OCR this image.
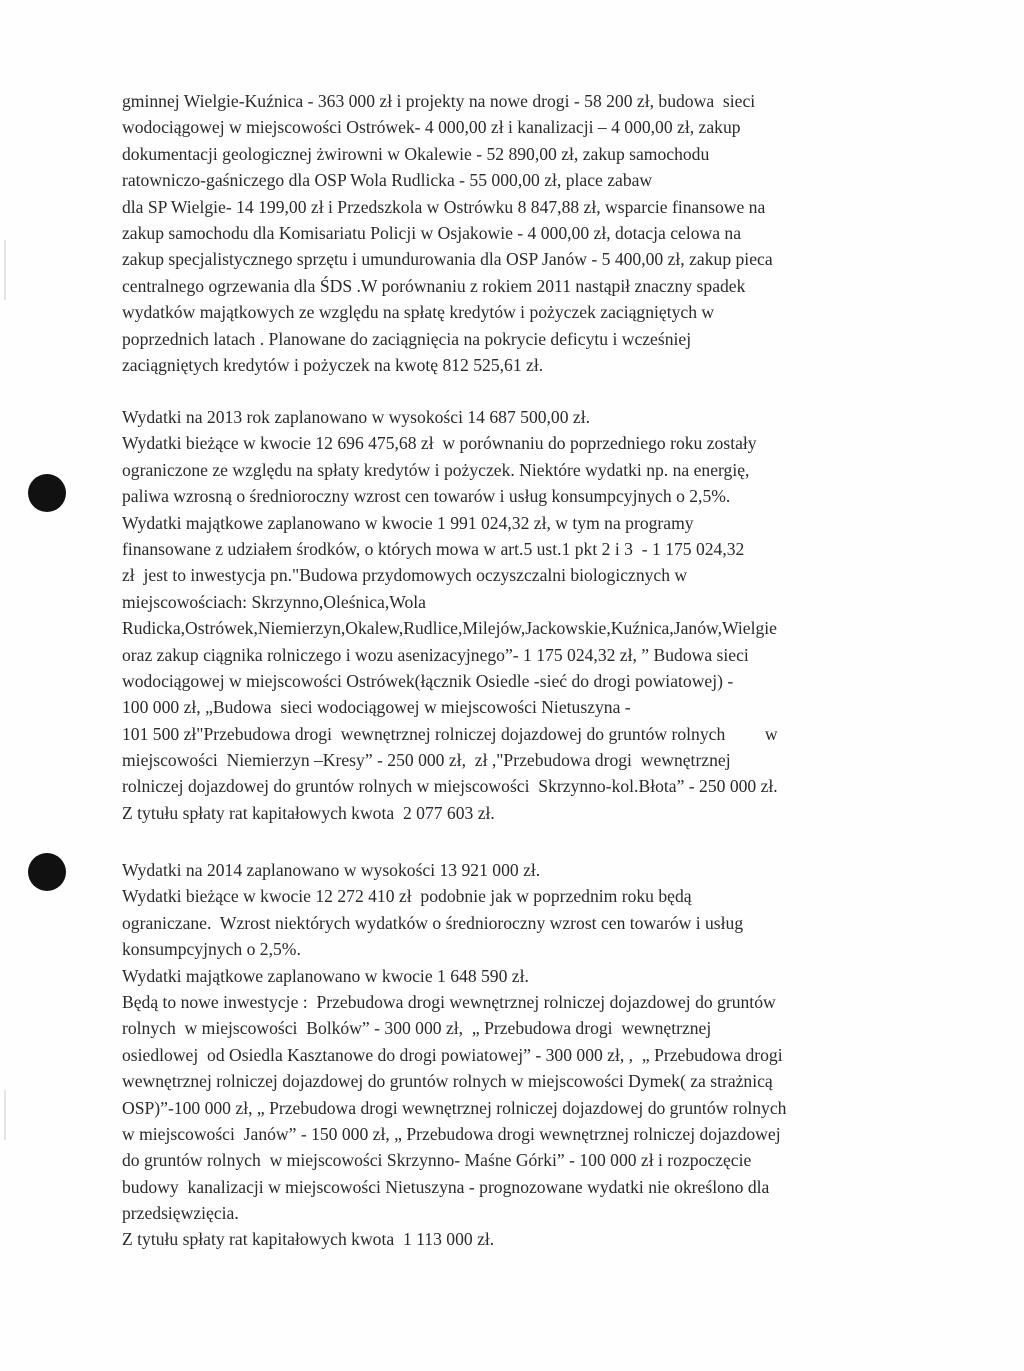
gminnej Wielgie-Kuźnica - 363 000 zł i projekty na nowe drogi - 58 200 zł, budowa  sieci
wodociągowej w miejscowości Ostrówek- 4 000,00 zł i kanalizacji – 4 000,00 zł, zakup
dokumentacji geologicznej żwirowni w Okalewie - 52 890,00 zł, zakup samochodu
ratowniczo-gaśniczego dla OSP Wola Rudlicka - 55 000,00 zł, place zabaw
dla SP Wielgie- 14 199,00 zł i Przedszkola w Ostrówku 8 847,88 zł, wsparcie finansowe na
zakup samochodu dla Komisariatu Policji w Osjakowie - 4 000,00 zł, dotacja celowa na
zakup specjalistycznego sprzętu i umundurowania dla OSP Janów - 5 400,00 zł, zakup pieca
centralnego ogrzewania dla ŚDS .W porównaniu z rokiem 2011 nastąpił znaczny spadek
wydatków majątkowych ze względu na spłatę kredytów i pożyczek zaciągniętych w
poprzednich latach . Planowane do zaciągnięcia na pokrycie deficytu i wcześniej
zaciągniętych kredytów i pożyczek na kwotę 812 525,61 zł.
Wydatki na 2013 rok zaplanowano w wysokości 14 687 500,00 zł.
Wydatki bieżące w kwocie 12 696 475,68 zł  w porównaniu do poprzedniego roku zostały
ograniczone ze względu na spłaty kredytów i pożyczek. Niektóre wydatki np. na energię,
paliwa wzrosną o średnioroczny wzrost cen towarów i usług konsumpcyjnych o 2,5%.
Wydatki majątkowe zaplanowano w kwocie 1 991 024,32 zł, w tym na programy
finansowane z udziałem środków, o których mowa w art.5 ust.1 pkt 2 i 3  - 1 175 024,32
zł  jest to inwestycja pn."Budowa przydomowych oczyszczalni biologicznych w
miejscowościach: Skrzynno,Oleśnica,Wola
Rudicka,Ostrówek,Niemierzyn,Okalew,Rudlice,Milejów,Jackowskie,Kuźnica,Janów,Wielgie
oraz zakup ciągnika rolniczego i wozu asenizacyjnego”- 1 175 024,32 zł, ” Budowa sieci
wodociągowej w miejscowości Ostrówek(łącznik Osiedle -sieć do drogi powiatowej) -
100 000 zł, „Budowa  sieci wodociągowej w miejscowości Nietuszyna -
101 500 zł"Przebudowa drogi  wewnętrznej rolniczej dojazdowej do gruntów rolnych         w
miejscowości  Niemierzyn –Kresy” - 250 000 zł,  zł ,"Przebudowa drogi  wewnętrznej
rolniczej dojazdowej do gruntów rolnych w miejscowości  Skrzynno-kol.Błota” - 250 000 zł.
Z tytułu spłaty rat kapitałowych kwota  2 077 603 zł.
Wydatki na 2014 zaplanowano w wysokości 13 921 000 zł.
Wydatki bieżące w kwocie 12 272 410 zł  podobnie jak w poprzednim roku będą
ograniczane.  Wzrost niektórych wydatków o średnioroczny wzrost cen towarów i usług
konsumpcyjnych o 2,5%.
Wydatki majątkowe zaplanowano w kwocie 1 648 590 zł.
Będą to nowe inwestycje :  Przebudowa drogi wewnętrznej rolniczej dojazdowej do gruntów
rolnych  w miejscowości  Bolków” - 300 000 zł,  „ Przebudowa drogi  wewnętrznej
osiedlowej  od Osiedla Kasztanowe do drogi powiatowej” - 300 000 zł, ,  „ Przebudowa drogi
wewnętrznej rolniczej dojazdowej do gruntów rolnych w miejscowości Dymek( za strażnicą
OSP)”-100 000 zł, „ Przebudowa drogi wewnętrznej rolniczej dojazdowej do gruntów rolnych
w miejscowości  Janów” - 150 000 zł, „ Przebudowa drogi wewnętrznej rolniczej dojazdowej
do gruntów rolnych  w miejscowości Skrzynno- Maśne Górki” - 100 000 zł i rozpoczęcie
budowy  kanalizacji w miejscowości Nietuszyna - prognozowane wydatki nie określono dla
przedsięwzięcia.
Z tytułu spłaty rat kapitałowych kwota  1 113 000 zł.
